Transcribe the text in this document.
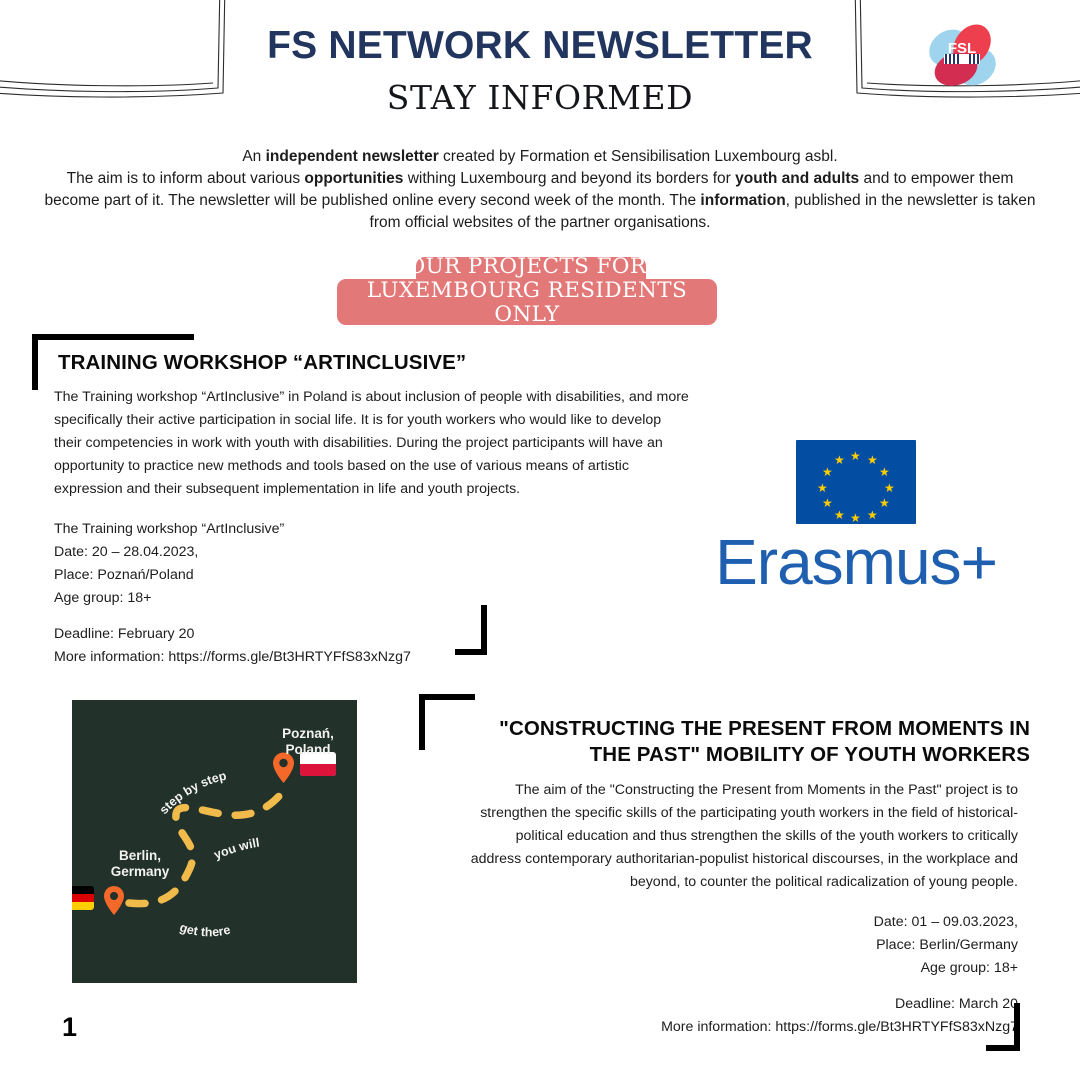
FSL
FS NETWORK NEWSLETTER
STAY INFORMED
An independent newsletter created by Formation et Sensibilisation Luxembourg asbl.
The aim is to inform about various opportunities withing Luxembourg and beyond its borders for youth and adults and to empower them become part of it. The newsletter will be published online every second week of the month. The information, published in the newsletter is taken from official websites of the partner organisations.
OUR PROJECTS FOR
LUXEMBOURG RESIDENTS ONLY
TRAINING WORKSHOP “ARTINCLUSIVE”
The Training workshop “ArtInclusive” in Poland is about inclusion of people with disabilities, and more specifically their active participation in social life. It is for youth workers who would like to develop their competencies in work with youth with disabilities. During the project participants will have an opportunity to practice new methods and tools based on the use of various means of artistic expression and their subsequent implementation in life and youth projects.
The Training workshop “ArtInclusive”
Date: 20 – 28.04.2023,
Place: Poznań/Poland
Age group: 18+
Deadline: February 20
More information: https://forms.gle/Bt3HRTYFfS83xNzg7
★ ★
★
★
★
★
★
★
★
★
★
★
Erasmus+
step by step
you will
get there
Poznań,
Poland
Berlin,
Germany
"CONSTRUCTING THE PRESENT FROM MOMENTS IN
THE PAST" MOBILITY OF YOUTH WORKERS
The aim of the "Constructing the Present from Moments in the Past" project is to strengthen the specific skills of the participating youth workers in the field of historical-political education and thus strengthen the skills of the youth workers to critically address contemporary authoritarian-populist historical discourses, in the workplace and beyond, to counter the political radicalization of young people.
Date: 01 – 09.03.2023,
Place: Berlin/Germany
Age group: 18+
Deadline: March 20
More information: https://forms.gle/Bt3HRTYFfS83xNzg7
1
